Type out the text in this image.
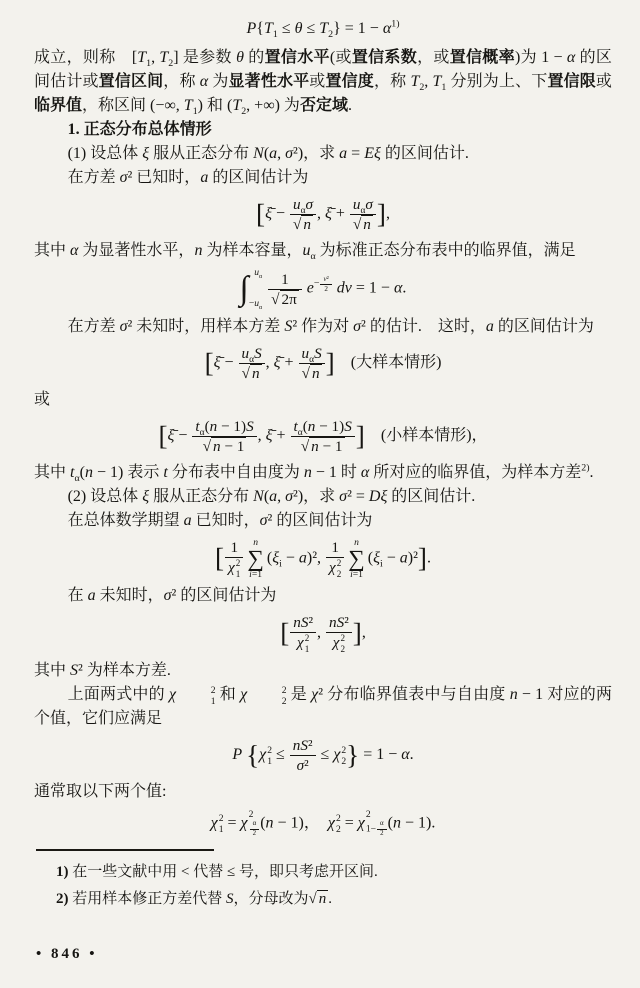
$P\{T_1 \le \theta \le T_2\} = 1 - \alpha^{1)}$

成立，则称　[$T_1$, $T_2$] 是参数 θ 的置信水平(或置信系数，或置信概率)为 1 − α 的区间估计或置信区间，称 α 为显著性水平或置信度，称 $T_2$, $T_1$ 分别为上、下置信限或临界值，称区间 (−∞, $T_1$) 和 ($T_2$, +∞) 为否定域.

1. 正态分布总体情形

(1) 设总体 ξ 服从正态分布 N(a, σ²)，求 a = Eξ 的区间估计.

在方差 σ² 已知时，a 的区间估计为

[ξ̄ −
$u_\alpha\sigma$
√ n
, ξ̄ +
$u_\alpha\sigma$
√ n ],

其中 α 为显著性水平，n 为样本容量，$u_\alpha$ 为标准正态分布表中的临界值，满足

∫ $u_\alpha$
$-u_\alpha \frac{1}{√ 2\pi} e^{- \frac{\text{v²}}{2}}$ dv = 1 − α.

在方差 σ² 未知时，用样本方差 S² 作为对 σ² 的估计.　这时，a 的区间估计为

[ξ̄ −
$u_\alpha S$
√ n
, ξ̄ +
$u_\alpha S$
√ n ]　 (大样本情形)

或

[ξ̄ − $\frac{t_\alpha(n - 1)S}{√ n - 1}$ , ξ̄ + $\frac{t_\alpha(n - 1)S}{√ n - 1}$ ]　 (小样本情形)，

其中 $t_\alpha(n - 1)$ 表示 t 分布表中自由度为 n − 1 时 α 所对应的临界值，为样本方差$^{2)}$.

(2) 设总体 ξ 服从正态分布 N(a, σ²)，求 σ² = Dξ 的区间估计.

在总体数学期望 a 已知时，σ² 的区间估计为

[ 1
χ 2
1 n
∑
i=1
$(\xi_i - a)^2$, 1
χ 2
2 n
∑
i=1
$(\xi_i - a)^2$].

在 a 未知时，σ² 的区间估计为

[ nS²
χ 2
1 , nS²
χ 2
2 ],

其中 S² 为样本方差.

上面两式中的 χ	2
1 和 χ	2
2 是 χ² 分布临界值表中与自由度 n − 1 对应的两个值，它们应满足

P {χ 2
$1 \le \frac{\text{nS²}}{\text{σ²}} \le \chi$ 2
2 } = 1 − α.

通常取以下两个值:

χ 2
1 = χ 2
$\frac{\alpha}{2} (n - 1)$，　χ 2
2 = χ 2
$1- \frac{\alpha}{2} (n - 1)$.

1) 在一些文献中用 < 代替 ≤ 号，即只考虑开区间.

2) 若用样本修正方差代替 S，分母改为√ n .

• 846 •
